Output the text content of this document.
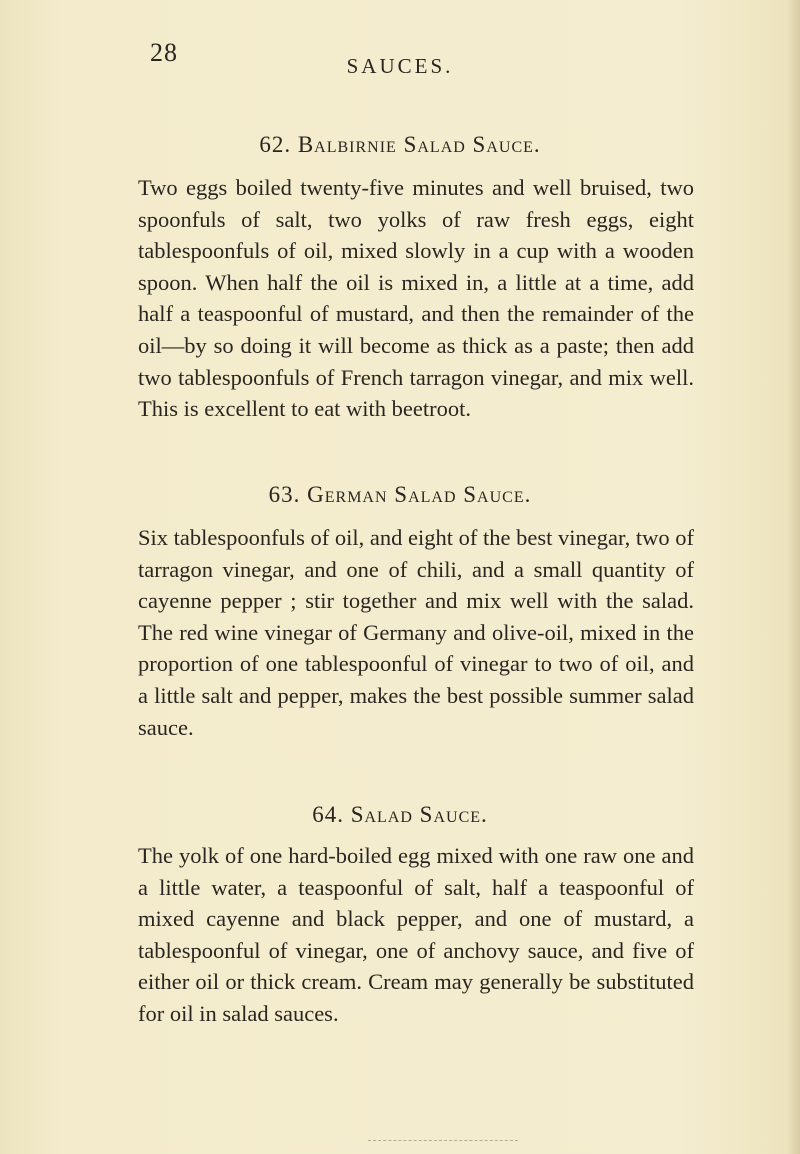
28	SAUCES.
62. Balbirnie Salad Sauce.

Two eggs boiled twenty-five minutes and well bruised, two spoonfuls of salt, two yolks of raw fresh eggs, eight tablespoonfuls of oil, mixed slowly in a cup with a wooden spoon. When half the oil is mixed in, a little at a time, add half a teaspoonful of mustard, and then the remainder of the oil—by so doing it will become as thick as a paste; then add two tablespoonfuls of French tarragon vinegar, and mix well. This is excellent to eat with beetroot.

63. German Salad Sauce.

Six tablespoonfuls of oil, and eight of the best vinegar, two of tarragon vinegar, and one of chili, and a small quantity of cayenne pepper ; stir together and mix well with the salad. The red wine vinegar of Germany and olive-oil, mixed in the proportion of one tablespoonful of vinegar to two of oil, and a little salt and pepper, makes the best possible summer salad sauce.

64. Salad Sauce.

The yolk of one hard-boiled egg mixed with one raw one and a little water, a teaspoonful of salt, half a teaspoonful of mixed cayenne and black pepper, and one of mustard, a tablespoonful of vinegar, one of anchovy sauce, and five of either oil or thick cream. Cream may generally be substituted for oil in salad sauces.
